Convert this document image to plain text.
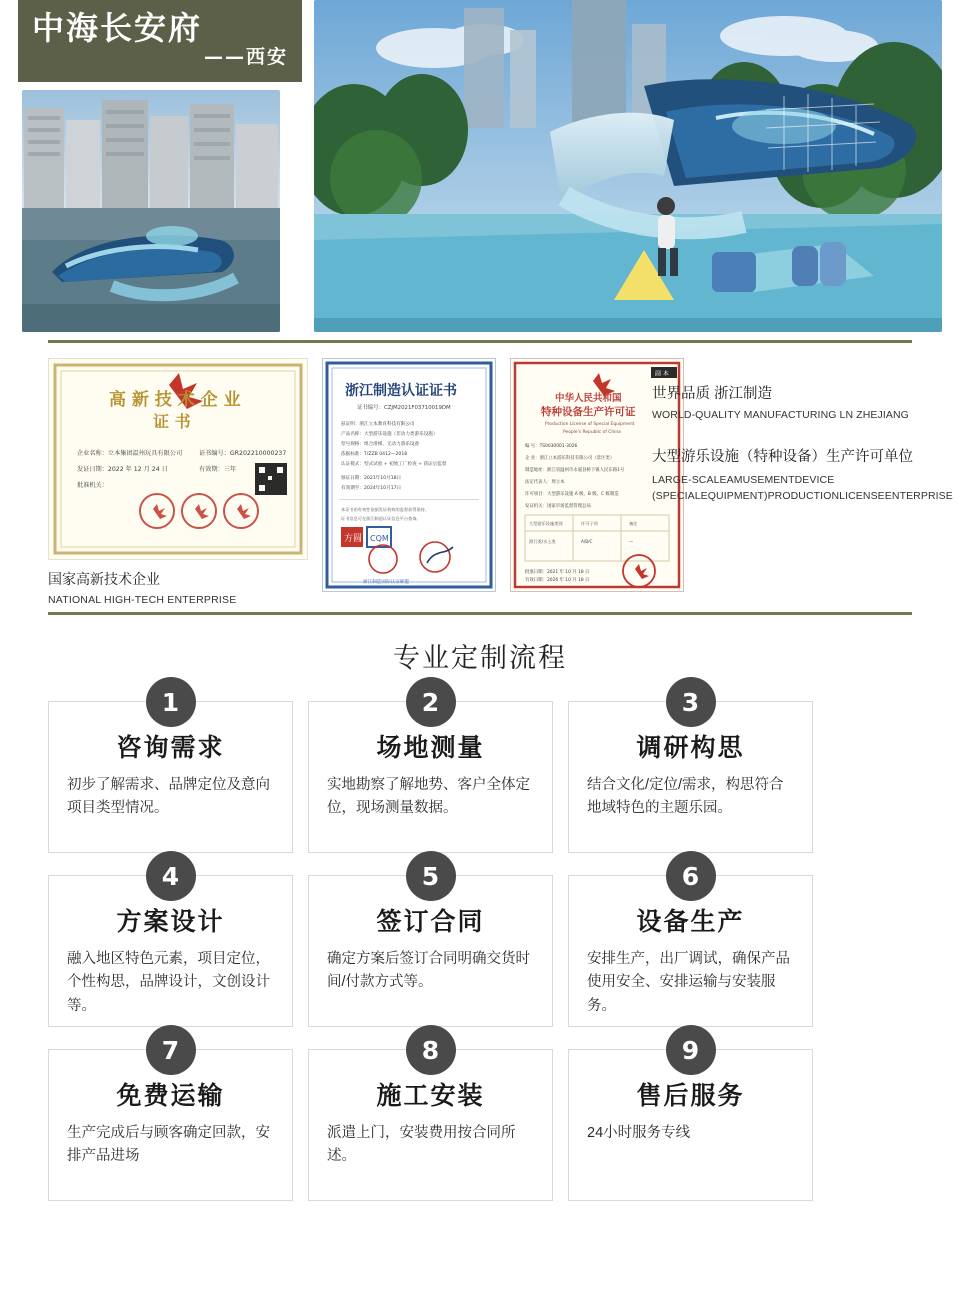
中海长安府
——西安
高 新 技 术 企 业
证 书
企业名称：立本集团温州玩具有限公司	证书编号：GR202210000237
发证日期：2022 年 12 月 24 日	有效期：三年
批准机关：
国家高新技术企业
NATIONAL HIGH-TECH ENTERPRISE
浙江制造认证证书
证书编号：CZJM2021F03710019DM
兹证明：浙江立本教育科技有限公司
产品名称：大型游乐设施（非动力类游乐设施）
型号规格：组合滑梯、无动力游乐设备
依据标准：T/ZZB 0412—2018
认证模式：型式试验 + 初始工厂检查 + 获证后监督
颁证日期：2021年10月18日
有效期至：2024年10月17日
本证书的有效性依据发证机构的监督获得保持。
证书信息可在浙江制造认证信息平台查询。
方圆 CQM
浙江制造国际认证联盟
副 本
中华人民共和国
特种设备生产许可证
Production License of Special Equipment
People's Republic of China
编 号：TS0030001-3026
企 业：浙江立本游乐科技有限公司（景区类）
制造地址：浙江省温州市永嘉县桥下镇人民东路1号
法定代表人：周立本
许可项目：大型游乐设施 A 级、B 级、C 级制造
发证机关：国家市场监督管理总局
大型游乐设施类别	许可子项	备注
滑行类/水上类	A/B/C	—
批准日期：2021 年 10 月 18 日
有效日期：2026 年 10 月 18 日
世界品质 浙江制造
WORLD-QUALITY MANUFACTURING LN ZHEJIANG
大型游乐设施（特种设备）生产许可单位
LARGE-SCALEAMUSEMENTDEVICE (SPECIALEQUIPMENT)PRODUCTIONLICENSEENTERPRISE
专业定制流程
1
咨询需求
初步了解需求、品牌定位及意向项目类型情况。
2
场地测量
实地勘察了解地势、客户全体定位，现场测量数据。
3
调研构思
结合文化/定位/需求，构思符合地域特色的主题乐园。
4
方案设计
融入地区特色元素，项目定位，个性构思，品牌设计，文创设计等。
5
签订合同
确定方案后签订合同明确交货时间/付款方式等。
6
设备生产
安排生产，出厂调试，确保产品使用安全、安排运输与安装服务。
7
免费运输
生产完成后与顾客确定回款，安排产品进场
8
施工安装
派遣上门，安装费用按合同所述。
9
售后服务
24小时服务专线
